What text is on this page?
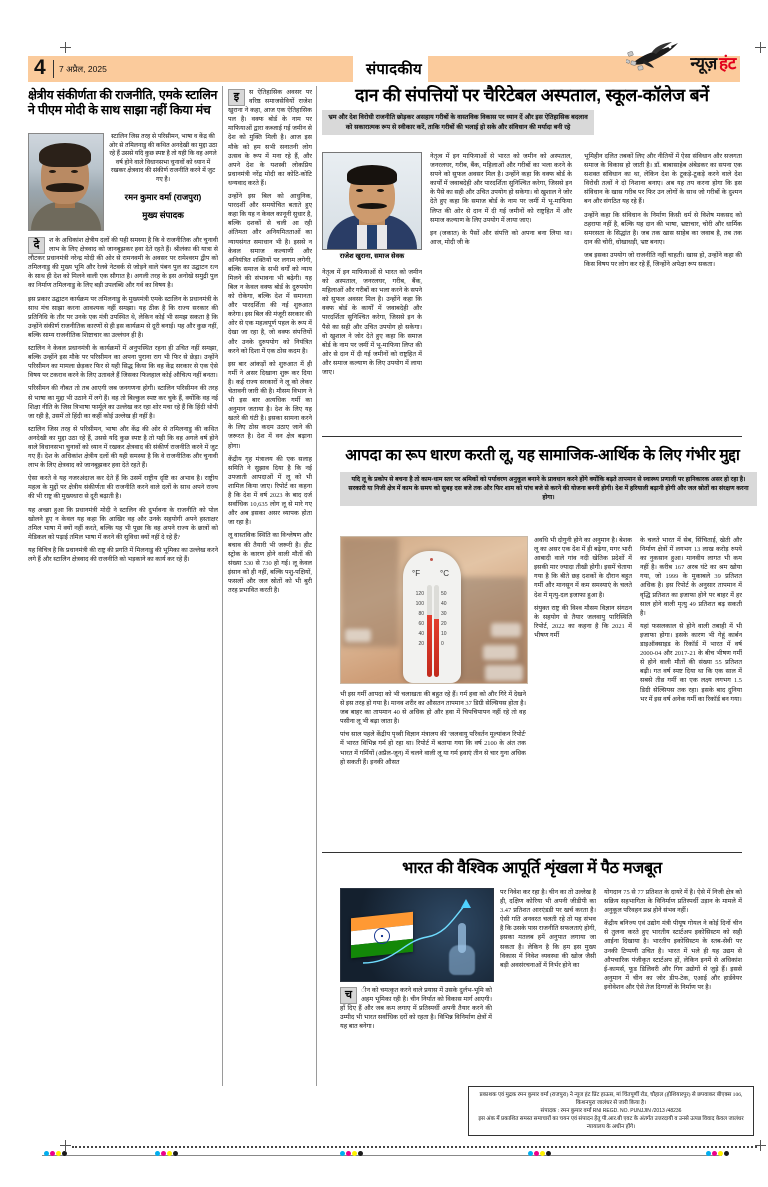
4 7 अप्रैल, 2025	संपादकीय	न्यूज़ हंट
क्षेत्रीय संकीर्णता की राजनीति, एमके स्टालिन ने पीएम मोदी के साथ साझा नहीं किया मंच
स्टालिन जिस तरह से परिसीमन, भाषा व केंद्र की ओर से तमिलनाडु की कथित अनदेखी का मुद्दा उठा रहे हैं उससे यदि कुछ स्पष्ट है तो यही कि वह अगले वर्ष होने वाले विधानसभा चुनावों को ध्यान में रखकर क्षेत्रवाद की संकीर्ण राजनीति करने में जुट गए है।
रमन कुमार वर्मा (राजपुरा)
मुख्य संपादक

दे	श के अधिकांश क्षेत्रीय दलों की यही समस्या है कि वे राजनीतिक और चुनावी लाभ के लिए क्षेत्रवाद को जानबूझकर हवा देते रहते हैं। श्रीलंका की यात्रा से लौटकर प्रधानमंत्री नरेन्द्र मोदी की ओर से रामनवमी के अवसर पर रामेश्वरम द्वीप को तमिलनाडु की मुख्य भूमि और रेलवे नेटवर्क से जोड़ने वाले पंबन पुल का उद्घाटन रत्न के साथ ही देश को मिलने वाली एक सौगात है। अगली तरह के इस अनोखे समुद्री पुल का निर्माण तमिलनाडु के लिए बड़ी उपलब्धि और गर्व का विषय है।

इस प्रकार उद्घाटन कार्यक्रम पर तमिलनाडु के मुख्यमंत्री एमके स्टालिन के प्रधानमंत्री के साथ मंच साझा करना आवश्यक नहीं समझा। यह ठीक है कि राज्य सरकार की प्रतिनिधि के तौर पर उनके एक मंत्री उपस्थित थे, लेकिन कोई भी समझ सकता है कि उन्होंने संकीर्ण राजनीतिक कारणों से ही इस कार्यक्रम से दूरी बनाई। यह और कुछ नहीं, बल्कि साम्य राजनीतिक शिष्टाचार का उल्लंघन ही है।

स्टालिन ने केवल प्रधानमंत्री के कार्यक्रमों में अनुपस्थित रहना ही उचित नहीं समझा, बल्कि उन्होंने इस मौके पर परिसीमन का अपना पुराना राग भी फिर से छेड़ा। उन्होंने परिसीमन का मामला छेड़कर फिर से यही सिद्ध किया कि वह केंद्र सरकार से एक ऐसे विषय पर टकराव करने के लिए उतावले हैं जिसका फिलहाल कोई औचित्य नहीं बनता।

परिसीमन की नौबत तो तब आएगी जब जनगणना होगी। स्टालिन परिसीमन की तरह से भाषा का मुद्दा भी उठाने में लगे हैं। वह तो बिल्कुल स्पष्ट कर चुके हैं, क्योंकि वह नई शिक्षा नीति के जिस त्रिभाषा फार्मूले का उल्लेख कर रहा शोर मचा रहे हैं कि हिंदी थोपी जा रही है, उसमें तो हिंदी का कहीं कोई उल्लेख ही नहीं है।

स्टालिन जिस तरह से परिसीमन, भाषा और केंद्र की ओर से तमिलनाडु की कथित अनदेखी का मुद्दा उठा रहे हैं, उससे यदि कुछ स्पष्ट है तो यही कि वह अगले वर्ष होने वाले विधानसभा चुनावों को ध्यान में रखकर क्षेत्रवाद की संकीर्ण राजनीति करने में जुट गए हैं। देश के अधिकांश क्षेत्रीय दलों की यही समस्या है कि वे राजनीतिक और चुनावी लाभ के लिए क्षेत्रवाद को जानबूझकर हवा देते रहते हैं।

ऐसा करते वे यह नजरअंदाज कर देते हैं कि उसमें राष्ट्रीय दृष्टि का अभाव है। राष्ट्रीय महत्व के मुद्दों पर क्षेत्रीय संकीर्णता की राजनीति करने वाले दलों के साथ अपने राज्य की भी राष्ट्र की मुख्यधारा से दूरी बढ़ाती है।

यह अच्छा हुआ कि प्रधानमंत्री मोदी ने स्टालिन की दुर्भावना के राजनीति को पोल खोलने हुए न केवल यह कहा कि आखिर वह और उनके सहयोगी अपने हस्ताक्षर तमिल भाषा में क्यों नहीं करते, बल्कि यह भी पूछा कि वह अपने राज्य के छात्रों को मेडिकल को पढ़ाई तमिल भाषा में करने की सुविधा क्यों नहीं दे रहे हैं?

यह विचित्र है कि प्रधानमंत्री की राष्ट्र की प्रगति में मिलनाडु की भूमिका का उल्लेख करने लगे हैं और स्टालिन क्षेत्रवाद की राजनीति को भड़काने का कार्य कर रहे हैं।

इ	स ऐतिहासिक अवसर पर वरिष्ठ समाजसेवियों राजेश खुराना ने कहा, आज एक ऐतिहासिक पल है। वक्फ बोर्ड के नाम पर माफियाओं द्वारा कब्जाई गई जमीन से देश को मुक्ति मिली है। आज इस मौके को हम सभी सनातनी लोग उत्सव के रूप में मना रहे हैं, और अपने देश के यशस्वी लोकप्रिय प्रधानमंत्री नरेंद्र मोदी का कोटि-कोटि धन्यवाद करते हैं।

उन्होंने इस बिल को आधुनिक, पारदर्शी और समयोचित बताते हुए कहा कि यह न केवल कानूनी सुधार है, बल्कि दशकों से चली आ रही अंतिमता और अनियमितताओं का न्यायसंगत समाधान भी है। इससे न केवल समाज कल्याणी और अनियंत्रित शक्तियों पर लगाम लगेगी, बल्कि समाज के सभी वर्गों को न्याय मिलने की संभावना भी बढ़ेगी। यह बिल न केवल वक्फ बोर्ड के दुरुपयोग को रोकेगा, बल्कि देश में समानता और पारदर्शिता की नई शुरुआत करेगा। इस बिल की मंजूरी सरकार की ओर से एक महत्वपूर्ण पहल के रूप में देखा जा रहा है, जो वक्फ संपत्तियों और उनके दुरुपयोग को नियंत्रित करने को दिशा में एक ठोस कदम है।

इस बार आंकड़ों को शुरुआत में ही गर्मी ने असर दिखाना शुरू कर दिया है। कई राज्य सरकारों ने लू को लेकर चेतावनी जारी की है। मौसम विभाग ने भी इस बार अत्यधिक गर्मी का अनुमान जताया है। देश के लिए यह खतरे की घंटी है। इसका सामना करने के लिए ठोस कदम उठाए जाने की जरूरत है। देश में वन क्षेत्र बढ़ाना होगा।

केंद्रीय गृह मंत्रालय की एक सलाह समिति ने सुझाव दिया है कि नई उपजाती आपदाओं में लू को भी शामिल किया जाए। रिपोर्ट का कहना है कि देश में वर्ष 2023 के बाद दर्ज सर्वाधिक 10,635 लोग लू से मारे गए और अब इसका असर व्यापक होता जा रहा है।

लू वास्तविक स्थिति का विश्लेषण और बचाव की तैयारी भी जरूरी है। हीट स्ट्रोक के कारण होने वाली मौतों की संख्या 530 से 730 हो गई। लू केवल इंसान को ही नहीं, बल्कि पशु-पक्षियों, फसलों और जल स्रोतों को भी बुरी तरह प्रभावित करती है।

दान की संपत्तियों पर चैरिटेबल अस्पताल, स्कूल-कॉलेज बनें
भ्रम और देश विरोधी राजनीति छोड़कर असहाय गरीबों के वास्तविक विकास पर ध्यान दें और इस ऐतिहासिक बदलाव को सकारात्मक रूप से स्वीकार करें, ताकि गरीबों की भलाई हो सके और संविधान की मर्यादा बनी रहे
राजेश खुराना, समाज सेवक

नेतृत्व में इन माफियाओं से भारत को जमीन को अस्पताल, जनरलघर, गरीब, बैंक, महिलाओं और गरीबों का भला करने के सपने को सुफल अवसर मिल है। उन्होंने कहा कि वक्फ बोर्ड के कार्यों में जवाबदेही और पारदर्शिता सुनिश्चित करेगा, जिससे इन के पैसे का सही और उचित उपयोग हो सकेगा। वो खुशाल ने जोर देते हुए कहा कि समाज बोर्ड के नाम पर जमीं में भू-माफिया लिप्त की ओर से दान में दी गई जमीनों को राष्ट्रहित में और समाज कल्याण के लिए उपयोग में लाया जाए।

इन (जकात) के पैसों और संपत्ति को अपना बना लिया था। आज, मोदी जी के

भूमिहीन दलित तबकों लिए और नीतियों में ऐसा संविधान और सजगता समाज के विकास हो जाती है। डॉ. बाबासाहेब अंबेडकर का सपना एक सशक्त संविधान का था, लेकिन देश के टूकड़े-टूकड़े करने वाले देश विरोधी तत्वों ने दो निशाना बनाए। अब यह तय करना होगा कि इस संविधान के खास गरीब पर फिर उन लोगों के साथ जो गरीबों के दुश्मन बन और संगठित यह रहे हैं।

उन्होंने कहा कि संविधान के निर्माण किसी धर्म से विशेष मकसद को ठहराया नहीं है, बल्कि यह दान की भाषा, भ्रष्टाचार, चोरी और धार्मिक समरसता के सिद्धांत है। जब तक खास साहेब का जवाब है, तब तक दान की चोरी, धोखाधड़ी, भ्रष्ट बनाए।

जब इसका उपयोग जो राजनीति नहीं चाहती। खास हो, उन्होंने कहा की किस विषय पर लोग कर रहे हैं, जिन्होंने अपेक्षा रूप सकता।

नेतृत्व में इन माफियाओं से भारत को जमीन को अस्पताल, जनरलघर, गरीब, बैंक, महिलाओं और गरीबों का भला करने के सपने को सुफल अवसर मिल है। उन्होंने कहा कि वक्फ बोर्ड के कार्यों में जवाबदेही और पारदर्शिता सुनिश्चित करेगा, जिससे इन के पैसे का सही और उचित उपयोग हो सकेगा। वो खुशाल ने जोर देते हुए कहा कि समाज बोर्ड के नाम पर जमीं में भू-माफिया लिप्त की ओर से दान में दी गई जमीनों को राष्ट्रहित में और समाज कल्याण के लिए उपयोग में लाया जाए।

आपदा का रूप धारण करती लू, यह सामाजिक-आर्थिक के लिए गंभीर मुद्दा
यदि लू के प्रकोप से बचना है तो काम-धाम स्तर पर श्रमिकों को पर्यावरण अनुकूल बनाने के प्रावधान करने होंगे क्योंकि बढ़ते तापमान से स्वास्थ्य प्रणाली पर हानिकारक असर हो रहा है। सरकारी या निजी क्षेत्र में काम के समय को सुबह दस बजे तक और फिर शाम को पांच बजे से करने की योजना बननी होगी। देश में हरियाली बढ़ानी होगी और जल स्रोतों का संरक्षण करना होगा।
°F °C
120
100
80
60
40
20
50
40
30
20
10
0

भी इस गर्मी आपदा को भी चलाखता की बहुत रहे हैं। गर्म हवा को और गिरे में देखने से इस तरह हो गया है। मानव शरीर का औसतन तापमान 37 डिग्री सेल्सियस होता है। जब बाहर का तापमान 40 से अधिक हो और हवा में चिपचिपापन नहीं रहे तो वह पसीना लू भी बढ़ा जाता है।

पांच साल पहले केंद्रीय पृथ्वी विज्ञान मंत्रालय की 'जलवायु परिवर्तन मूल्यांकन रिपोर्ट' में भारत विभिन्न गर्म हो रहा था। रिपोर्ट में बताया गया कि वर्ष 2100 के अंत तक भारत में गर्मियों (अप्रैल-जून) में चलने वाली लू या गर्म हवाएं तीन से चार गुना अधिक हो सकती हैं। इनकी औसत

अवधि भी दोगुनी होने का अनुमान है। बेशक लू का असर एक देश में ही बढ़ेगा, मगर भारी आबादी वाले गांव नदी खेतिक प्रदेशों में इसकी मार ज्यादा तीखी होगी। इसमें चेताया गया है कि बीते छह दशकों के दौरान बहुत गर्मी और मानसून में कम समस्याएं के चलते देश में मृत्यु-दल इजाफा हुआ है।

संयुक्त राष्ट्र की विश्व मौसम विज्ञान संगठन के सहयोग से तैयार जलवायु पारिस्थिति रिपोर्ट, 2022 का कहना है कि 2021 में भीषण गर्मी

के चलते भारत में सेब, सिंचिताई, खेती और निर्माण क्षेत्रों में लगभग 13 लाख करोड़ रुपये का नुकसान हुआ। मानवीय लागत भी कम नहीं है। करीब 167 अरब घंटे का श्रम खोया गया, जो 1999 के मुकाबले 39 प्रतिशत अधिक है। इस रिपोर्ट के अनुसार तापमान में वृद्धि प्रतिशत का इजाफा होने पर बाहर में हर साल होने वाली मृत्यु 49 प्रतिशत बढ़ सकती है।

यहां फसलकाल से होने वाली तबाही में भी इजाफा होगा। इसके कारण भी गेहूं कार्बन डाइऑक्साइड के रिकॉर्ड में भारत में वर्ष 2000-04 और 2017-21 के बीच भीषण गर्मी से होने वाली मौतों की संख्या 55 प्रतिशत बढ़ी। गत वर्ष स्पष्ट दिया था कि एक साल में सबसे तीव्र गर्मी का एक लक्ष्य लगभग 1.5 डिग्री सेल्सियस तक रहा। इसके बाद दुनिया भर में इस वर्ष अनेक गर्मी का रिकॉर्ड बन गया।

भारत की वैश्विक आपूर्ति शृंखला में पैठ मजबूत

च	ीन को चमत्कृत करने वाले प्रयास में उसके दुर्लभ-भूमि को अहम भूमिका रही है। चीन निर्यात को विकास मार्ग आएगी। हाँ दिए हैं और जब कम लगाए में प्रतिस्पर्धी अपनी तैयार करने की उम्मीद भी भारत सर्वाधिक दरों को रहता है। विभिन्न विनिर्माण क्षेत्रों में यह बात बनेगा।

पर निवेश कर रहा है। चीन का तो उल्लेख है ही, दक्षिण कोरिया भी अपनी जीडीपी का 3.47 प्रतिशत आरएंडडी पर खर्च करता है। ऐसी गति अनवरत चलती रहे तो यह संभव है कि उसके पास राजनीति सफलताएं होगी, इसका मतलब हमें अनुपात लगाया जा सकता है। लेकिन है कि हम इस मुख्य विकास में निवेश व्यवस्था की खोज जैसी बड़ी अवसंरचनाओं में निर्भर होने का

योगदान 75 से 77 प्रतिशत के दायरे में है। ऐसे में निजी क्षेत्र को सक्रिय सहभागिता के विनिर्माण प्रतिस्पर्धी उड़ान के मामले में अनुकूल परिवहन प्रश्न होने संभव नहीं।

केंद्रीय बनिज्य एवं उद्योग मंत्री पीयूष गोयल ने कोई दिनों चीन से तुलना करते हुए भारतीय स्टार्टअप इकोसिस्टम को सही आईना दिखाया है। भारतीय इकोसिस्टम के स्तब-सेवी पर उनकी टिप्पणी उचित है। भारत में भले ही यह उद्यम से औपचारिक पंजीकृत स्टार्टअप हों, लेकिन इनमें से अधिकांश ई-कामर्स, फूड डिलिवरी और गिग उद्योगों से जुड़े हैं। इससे अनुमान में चीन का जोर डीप-टेक, एआई और हार्डवेयर इनोवेशन और ऐसे तेज दिग्गजों के निर्माण पर है।

प्रकाशक एवं मुद्रक रमन कुमार वर्मा (राजपुरा) ने न्यूज हंट प्रिंट हाऊस, मां चिंतपूर्णी रोड, चौहाल (होशियारपुर) से छपवाकर बीएक्स 106, किशनपुरा जालंधर से जारी किया है।
संपादक : रमन कुमार वर्मा RNI REGD. NO. PUNJJIN /2013 /48236
इस अंक में प्रकाशित समस्त समाचारों का चयन एवं संपादन हेतु पी.आर.बी एवट के अंतर्गत उत्तरदायी व उनसे उत्पन्न विवाद केवल जालंधर न्यायालय के अधीन होंगे।
